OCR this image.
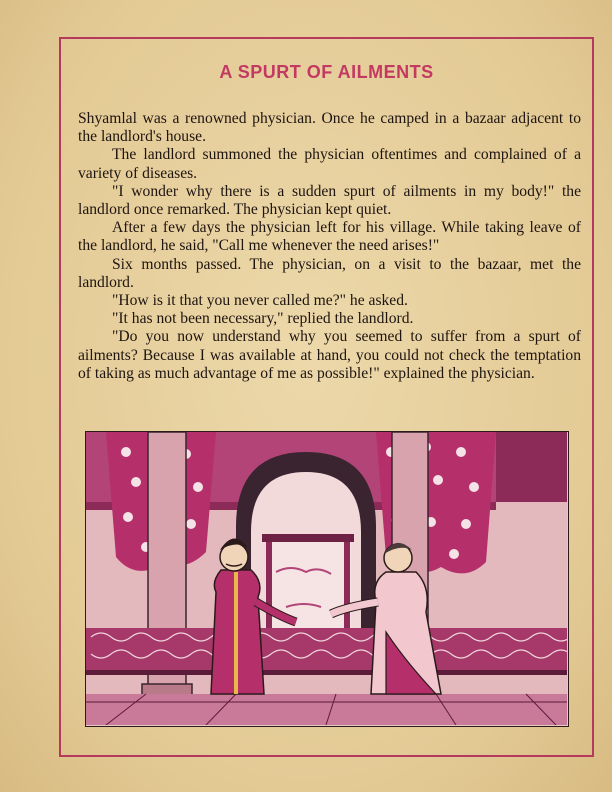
A SPURT OF AILMENTS

Shyamlal was a renowned physician. Once he camped in a bazaar adjacent to the landlord's house.

The landlord summoned the physician oftentimes and complained of a variety of diseases.

"I wonder why there is a sudden spurt of ailments in my body!" the landlord once remarked. The physician kept quiet.

After a few days the physician left for his village. While taking leave of the landlord, he said, "Call me whenever the need arises!"

Six months passed. The physician, on a visit to the bazaar, met the landlord.

"How is it that you never called me?" he asked.

"It has not been necessary," replied the landlord.

"Do you now understand why you seemed to suffer from a spurt of ailments? Because I was available at hand, you could not check the temptation of taking as much advantage of me as possible!" explained the physician.
